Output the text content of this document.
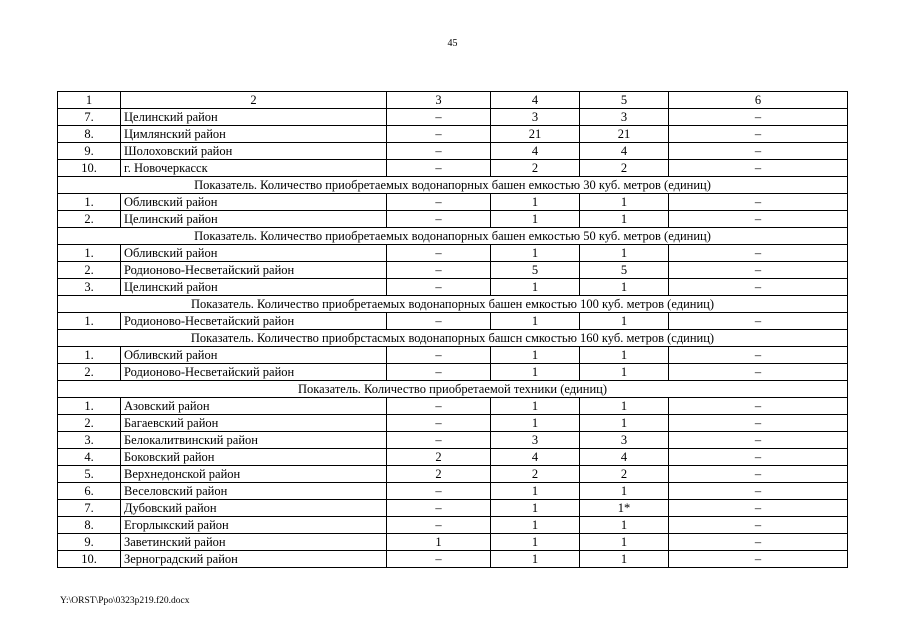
45
1	2	3	4	5	6
7.	Целинский район	–	3	3	–
8.	Цимлянский район	–	21	21	–
9.	Шолоховский район	–	4	4	–
10.	г. Новочеркасск	–	2	2	–
Показатель. Количество приобретаемых водонапорных башен емкостью 30 куб. метров (единиц)					
1.	Обливский район	–	1	1	–
2.	Целинский район	–	1	1	–
Показатель. Количество приобретаемых водонапорных башен емкостью 50 куб. метров (единиц)					
1.	Обливский район	–	1	1	–
2.	Родионово-Несветайский район	–	5	5	–
3.	Целинский район	–	1	1	–
Показатель. Количество приобретаемых водонапорных башен емкостью 100 куб. метров (единиц)					
1.	Родионово-Несветайский район	–	1	1	–
Показатель. Количество приобрстасмых водонапорных башсн смкостью 160 куб. метров (сдиниц)					
1.	Обливский район	–	1	1	–
2.	Родионово-Несветайский район	–	1	1	–
Показатель. Количество приобретаемой техники (единиц)					
1.	Азовский район	–	1	1	–
2.	Багаевский район	–	1	1	–
3.	Белокалитвинский район	–	3	3	–
4.	Боковский район	2	4	4	–
5.	Верхнедонской район	2	2	2	–
6.	Веселовский район	–	1	1	–
7.	Дубовский район	–	1	1*	–
8.	Егорлыкский район	–	1	1	–
9.	Заветинский район	1	1	1	–
10.	Зерноградский район	–	1	1	–
Y:\ORST\Ppo\0323p219.f20.docx
